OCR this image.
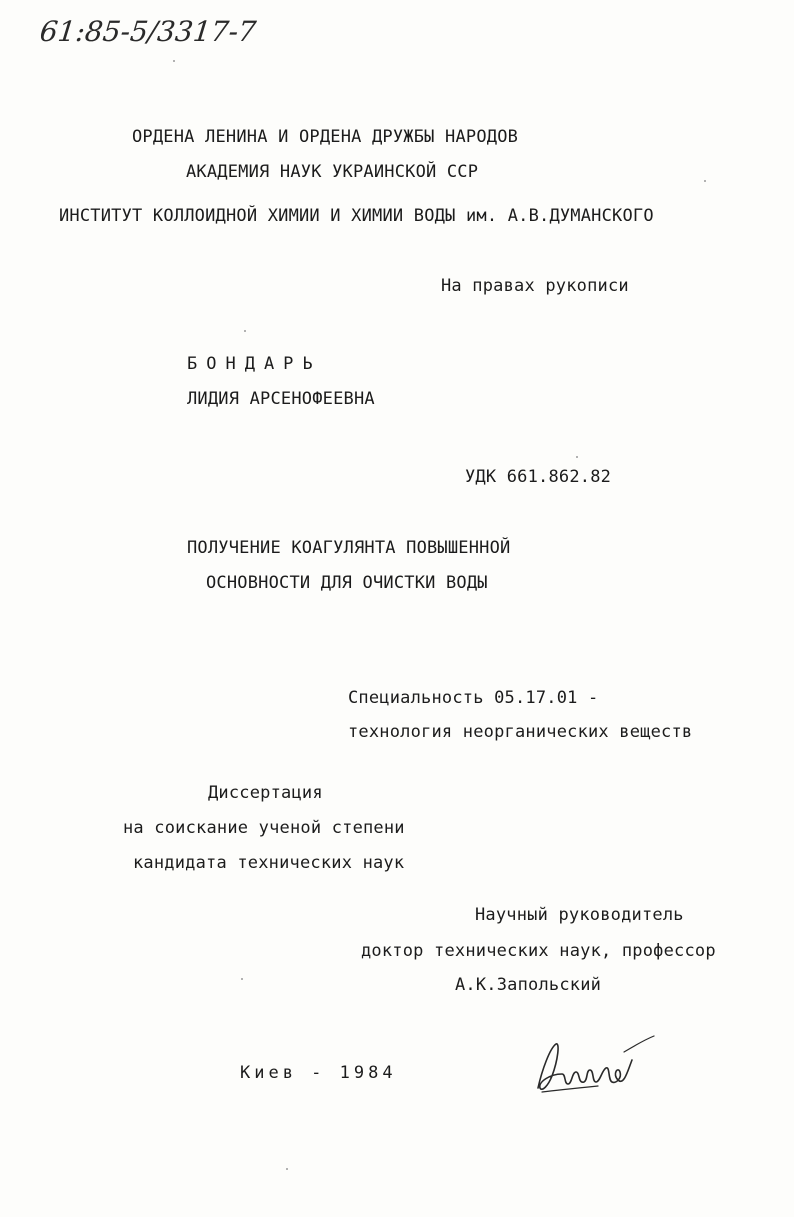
61:85-5/3317-7
ОРДЕНА ЛЕНИНА И ОРДЕНА ДРУЖБЫ НАРОДОВ
АКАДЕМИЯ НАУК УКРАИНСКОЙ ССР
ИНСТИТУТ КОЛЛОИДНОЙ ХИМИИ И ХИМИИ ВОДЫ им. А.В.ДУМАНСКОГО
На правах рукописи
БОНДАРЬ
ЛИДИЯ АРСЕНОФЕЕВНА
УДК 661.862.82
ПОЛУЧЕНИЕ КОАГУЛЯНТА ПОВЫШЕННОЙ
ОСНОВНОСТИ ДЛЯ ОЧИСТКИ ВОДЫ
Специальность 05.17.01 -
технология неорганических веществ
Диссертация
на соискание ученой степени
кандидата технических наук
Научный руководитель
доктор технических наук, профессор
А.К.Запольский
Киев - 1984
